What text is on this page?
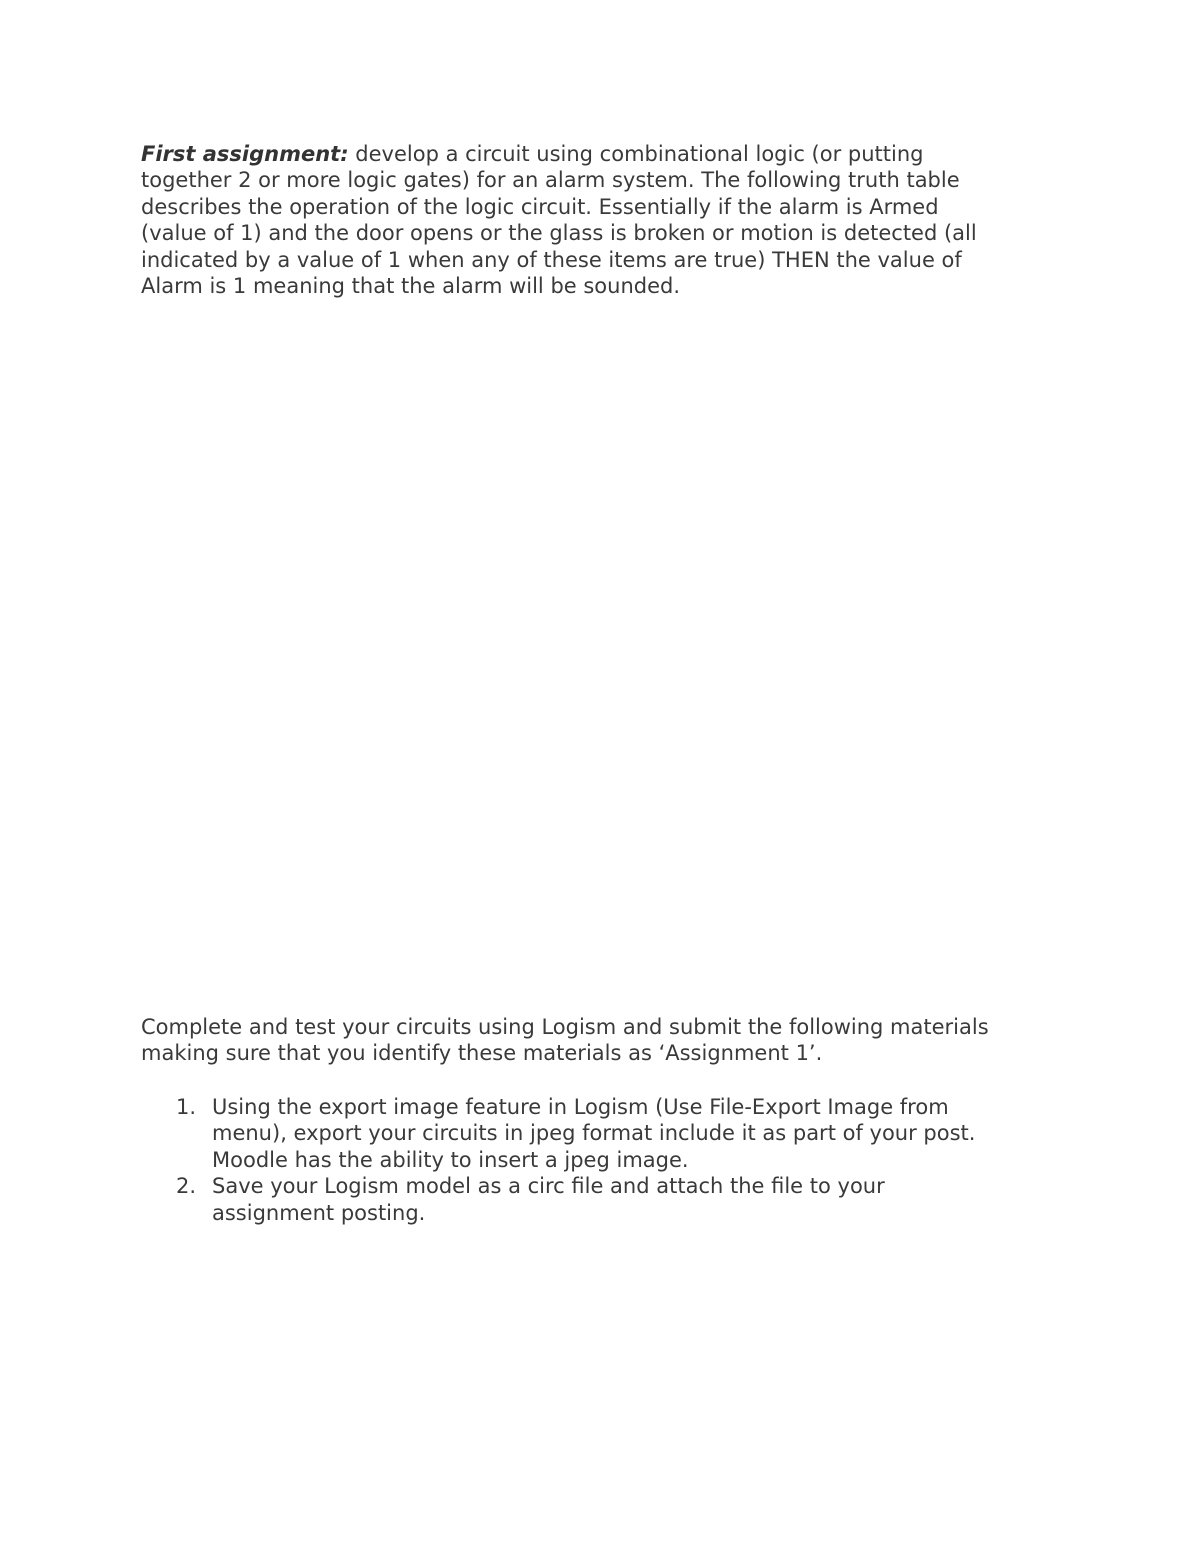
First assignment: develop a circuit using combinational logic (or putting
together 2 or more logic gates) for an alarm system. The following truth table
describes the operation of the logic circuit. Essentially if the alarm is Armed
(value of 1) and the door opens or the glass is broken or motion is detected (all
indicated by a value of 1 when any of these items are true) THEN the value of
Alarm is 1 meaning that the alarm will be sounded.

Complete and test your circuits using Logism and submit the following materials
making sure that you identify these materials as ‘Assignment 1’.

1. Using the export image feature in Logism (Use File-Export Image from
menu), export your circuits in jpeg format include it as part of your post.
Moodle has the ability to insert a jpeg image.
2. Save your Logism model as a circ file and attach the file to your
assignment posting.
